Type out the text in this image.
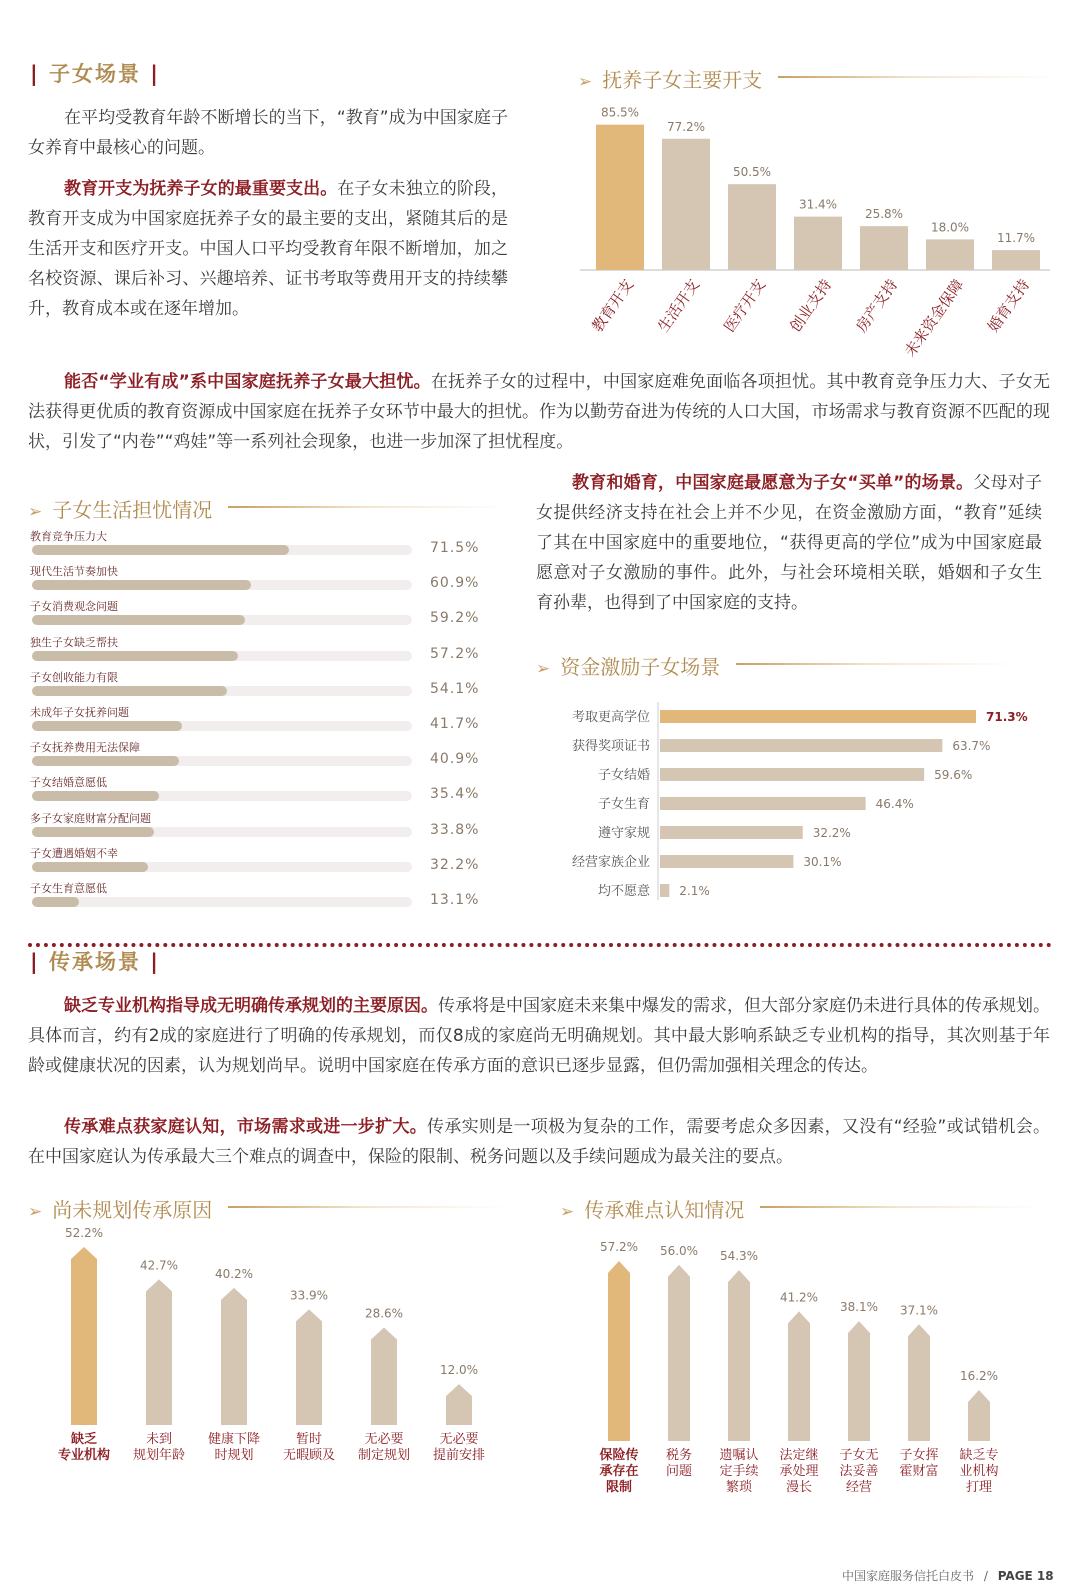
| 子女场景 |

在平均受教育年龄不断增长的当下，“教育”成为中国家庭子女养育中最核心的问题。

教育开支为抚养子女的最重要支出。在子女未独立的阶段，教育开支成为中国家庭抚养子女的最主要的支出，紧随其后的是生活开支和医疗开支。中国人口平均受教育年限不断增加，加之名校资源、课后补习、兴趣培养、证书考取等费用开支的持续攀升，教育成本或在逐年增加。

➢ 抚养子女主要开支
85.5%
教育开支
77.2%
生活开支
50.5%
医疗开支
31.4%
创业支持
25.8%
房产支持
18.0%
未来资金保障
11.7%
婚育支持

能否“学业有成”系中国家庭抚养子女最大担忧。在抚养子女的过程中，中国家庭难免面临各项担忧。其中教育竞争压力大、子女无法获得更优质的教育资源成中国家庭在抚养子女环节中最大的担忧。作为以勤劳奋进为传统的人口大国，市场需求与教育资源不匹配的现状，引发了“内卷”“鸡娃”等一系列社会现象，也进一步加深了担忧程度。

➢ 子女生活担忧情况
教育竞争压力大
71.5%
现代生活节奏加快
60.9%
子女消费观念问题
59.2%
独生子女缺乏帮扶
57.2%
子女创收能力有限
54.1%
未成年子女抚养问题
41.7%
子女抚养费用无法保障
40.9%
子女结婚意愿低
35.4%
多子女家庭财富分配问题
33.8%
子女遭遇婚姻不幸
32.2%
子女生育意愿低
13.1%

教育和婚育，中国家庭最愿意为子女“买单”的场景。父母对子女提供经济支持在社会上并不少见，在资金激励方面，“教育”延续了其在中国家庭中的重要地位，“获得更高的学位”成为中国家庭最愿意对子女激励的事件。此外，与社会环境相关联，婚姻和子女生育孙辈，也得到了中国家庭的支持。

➢ 资金激励子女场景
考取更高学位	71.3%
获得奖项证书	63.7%
子女结婚	59.6%
子女生育	46.4%
遵守家规	32.2%
经营家族企业	30.1%
均不愿意 2.1%
| 传承场景 |

缺乏专业机构指导成无明确传承规划的主要原因。传承将是中国家庭未来集中爆发的需求，但大部分家庭仍未进行具体的传承规划。具体而言，约有2成的家庭进行了明确的传承规划，而仅8成的家庭尚无明确规划。其中最大影响系缺乏专业机构的指导，其次则基于年龄或健康状况的因素，认为规划尚早。说明中国家庭在传承方面的意识已逐步显露，但仍需加强相关理念的传达。

传承难点获家庭认知，市场需求或进一步扩大。传承实则是一项极为复杂的工作，需要考虑众多因素，又没有“经验”或试错机会。在中国家庭认为传承最大三个难点的调查中，保险的限制、税务问题以及手续问题成为最关注的要点。

➢ 尚未规划传承原因
52.2%
缺乏专业机构
42.7%
未到规划年龄
40.2%
健康下降时规划
33.9%
暂时无暇顾及
28.6%
无必要制定规划
12.0%
无必要提前安排
➢ 传承难点认知情况
57.2%
保险传承存在限制
56.0%
税务问题
54.3%
遗嘱认定手续繁琐
41.2%
法定继承处理漫长
38.1%
子女无法妥善经营
37.1%
子女挥霍财富
16.2%
缺乏专业机构打理
中国家庭服务信托白皮书 / PAGE 18
